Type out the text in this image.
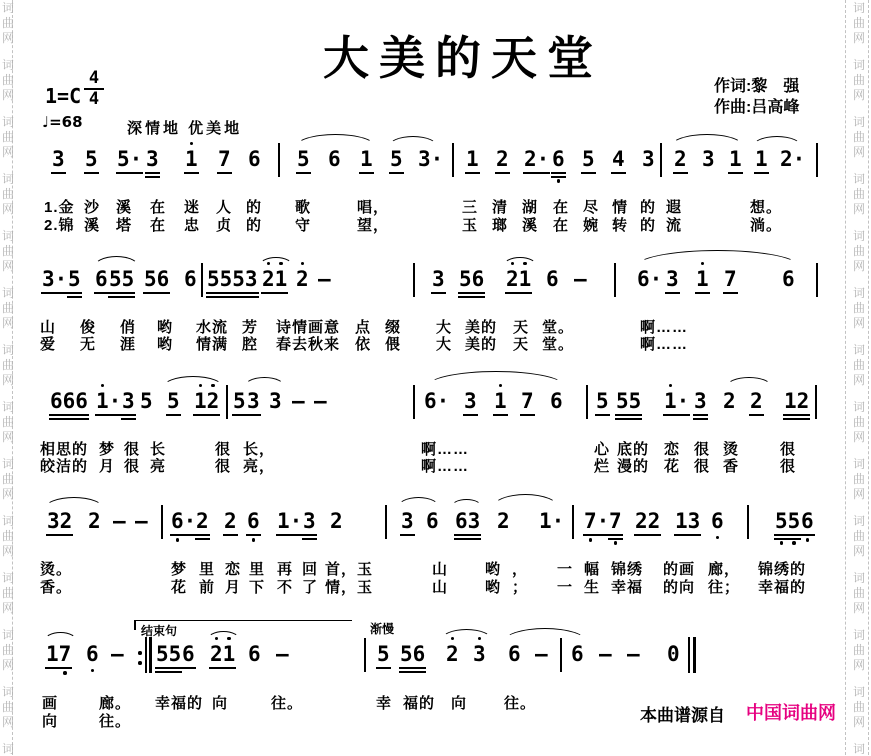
大美的天堂
1=C
4
4
♩=68	深情地 优美地
作词:黎　强
作曲:吕高峰
3 5 5· 3 1 7 6 5 6 1 5 3· 1 2 2· 6 5 4 3 2 3 1 1 2·
1.金 沙 溪 在 迷 人 的 歌	唱，	三 清 湖 在 尽 情 的 遐	想。
2.锦 溪 塔 在 忠 贞 的 守	望，	玉 瑯 溪 在 婉 转 的 流	淌。
3· 5 6 55 56 6 5553 21 2 —	3 56 21 6 — 6· 3 1 7 6
山 俊 俏 哟 水流 芳 诗情画意 点 缀 大 美的 天 堂。	啊……
爱 无 涯 哟 情满 腔 春去秋来 依 偎 大 美的 天 堂。	啊……
666 1· 3 5 5 12 5 3 3 — —	6· 3 1 7 6 5 55 1· 3 2 2 12
相思的 梦 很 长	很 长，	啊……	心 底的 恋 很 烫	很
皎洁的 月 很 亮	很 亮，	啊……	烂 漫的 花 很 香	很
32 2 — — 6· 2 2 6 1· 3 2	3 6 63 2 1· 7· 7 22 13 6 55 6
烫。	梦 里 恋 里 再 回 首，玉	山 哟 ， 一 幅 锦绣 的画 廊 ， 锦绣的
香。	花 前 月 下 不 了 情，玉	山 哟 ； 一 生 幸福 的向 往 ； 幸福的
17 6 — 55 6 21 6 —	5 56 2 3 6 — 6 — — 0
结束句	渐慢
画	廊。 幸福的 向	往。	幸 福的 向 往。
向	往。
词
曲
网
词
曲
网
词
曲
网
词
曲
网
词
曲
网
词
曲
网
词
曲
网
词
曲
网
词
曲
网
词
曲
网
词
曲
网
词
曲
网
词
曲
网
词
词
曲
网
词
曲
网
词
曲
网
词
曲
网
词
曲
网
词
曲
网
词
曲
网
词
曲
网
词
曲
网
词
曲
网
词
曲
网
词
曲
网
词
曲
网
词
本曲谱源自 中国词曲网
